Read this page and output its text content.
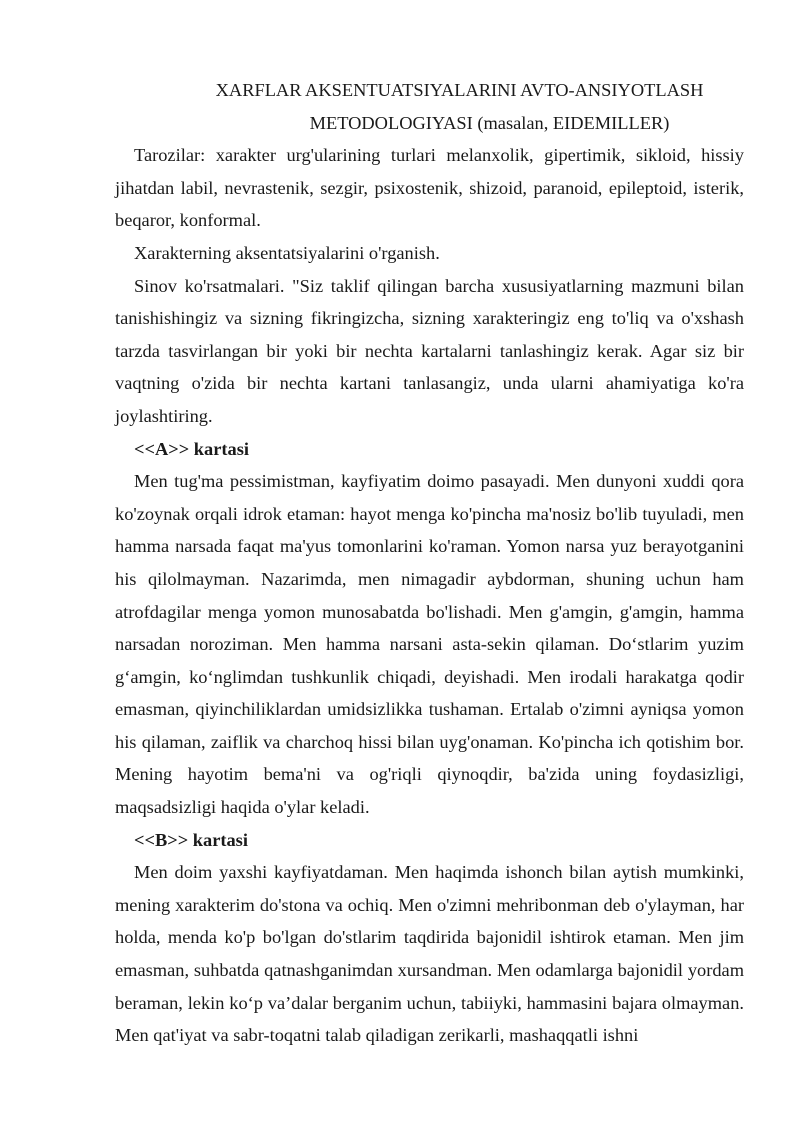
XARFLAR AKSENTUATSIYALARINI AVTO-ANSIYOTLASH
METODOLOGIYASI (masalan, EIDEMILLER)

Tarozilar: xarakter urg'ularining turlari melanxolik, gipertimik, sikloid, hissiy jihatdan labil, nevrastenik, sezgir, psixostenik, shizoid, paranoid, epileptoid, isterik, beqaror, konformal.

Xarakterning aksentatsiyalarini o'rganish.

Sinov ko'rsatmalari. "Siz taklif qilingan barcha xususiyatlarning mazmuni bilan tanishishingiz va sizning fikringizcha, sizning xarakteringiz eng to'liq va o'xshash tarzda tasvirlangan bir yoki bir nechta kartalarni tanlashingiz kerak. Agar siz bir vaqtning o'zida bir nechta kartani tanlasangiz, unda ularni ahamiyatiga ko'ra joylashtiring.

<<A>> kartasi

Men tug'ma pessimistman, kayfiyatim doimo pasayadi. Men dunyoni xuddi qora ko'zoynak orqali idrok etaman: hayot menga ko'pincha ma'nosiz bo'lib tuyuladi, men hamma narsada faqat ma'yus tomonlarini ko'raman. Yomon narsa yuz berayotganini his qilolmayman. Nazarimda, men nimagadir aybdorman, shuning uchun ham atrofdagilar menga yomon munosabatda bo'lishadi. Men g'amgin, g'amgin, hamma narsadan noroziman. Men hamma narsani asta-sekin qilaman. Do‘stlarim yuzim g‘amgin, ko‘nglimdan tushkunlik chiqadi, deyishadi. Men irodali harakatga qodir emasman, qiyinchiliklardan umidsizlikka tushaman. Ertalab o'zimni ayniqsa yomon his qilaman, zaiflik va charchoq hissi bilan uyg'onaman. Ko'pincha ich qotishim bor. Mening hayotim bema'ni va og'riqli qiynoqdir, ba'zida uning foydasizligi, maqsadsizligi haqida o'ylar keladi.

<<B>> kartasi

Men doim yaxshi kayfiyatdaman. Men haqimda ishonch bilan aytish mumkinki, mening xarakterim do'stona va ochiq. Men o'zimni mehribonman deb o'ylayman, har holda, menda ko'p bo'lgan do'stlarim taqdirida bajonidil ishtirok etaman. Men jim emasman, suhbatda qatnashganimdan xursandman. Men odamlarga bajonidil yordam beraman, lekin ko‘p va’dalar berganim uchun, tabiiyki, hammasini bajara olmayman. Men qat'iyat va sabr-toqatni talab qiladigan zerikarli, mashaqqatli ishni
